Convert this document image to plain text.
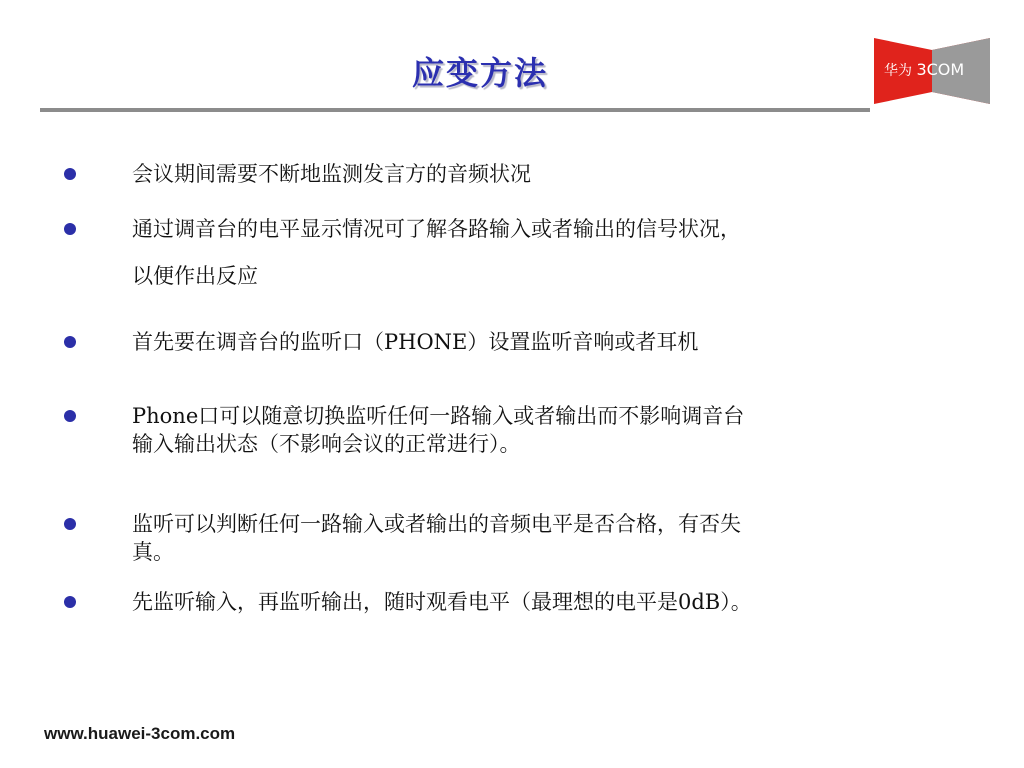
应变方法	华为 3COM
会议期间需要不断地监测发言方的音频状况
通过调音台的电平显示情况可了解各路输入或者输出的信号状况，
以便作出反应
首先要在调音台的监听口（PHONE）设置监听音响或者耳机
Phone口可以随意切换监听任何一路输入或者输出而不影响调音台
输入输出状态（不影响会议的正常进行）。
监听可以判断任何一路输入或者输出的音频电平是否合格，有否失
真。
先监听输入，再监听输出，随时观看电平（最理想的电平是0dB）。
www.huawei-3com.com
